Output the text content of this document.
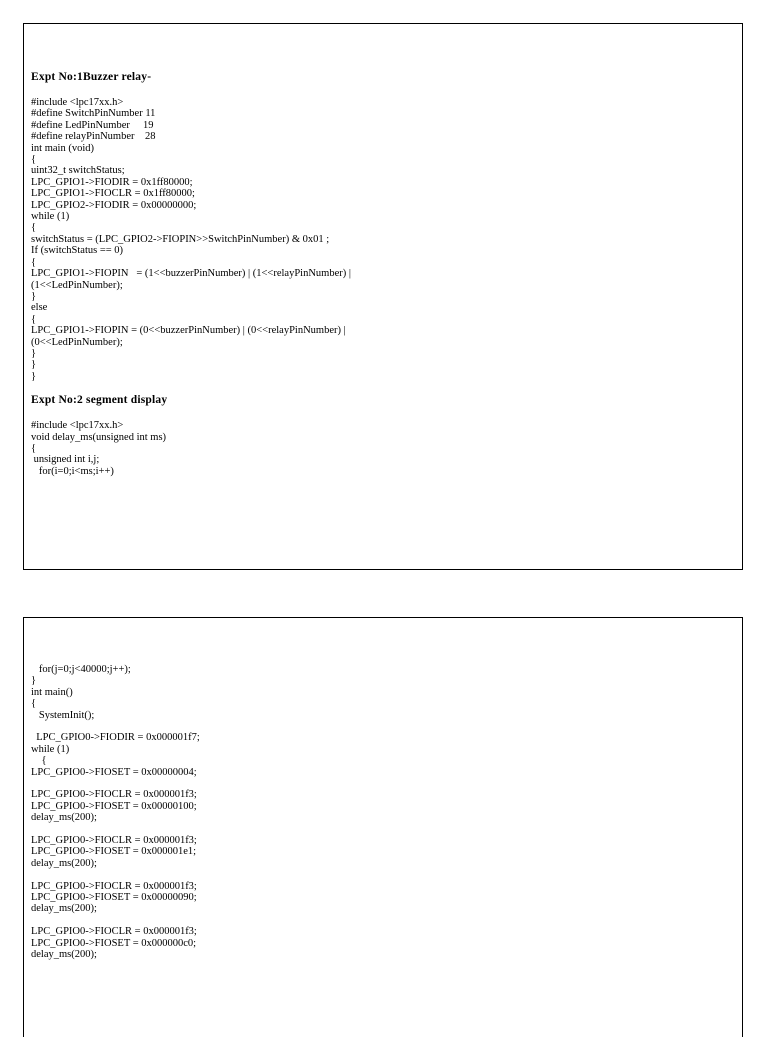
Expt No:1Buzzer relay-
#include <lpc17xx.h>
#define SwitchPinNumber 11
#define LedPinNumber     19
#define relayPinNumber    28
int main (void)
{
uint32_t switchStatus;
LPC_GPIO1->FIODIR = 0x1ff80000;
LPC_GPIO1->FIOCLR = 0x1ff80000;
LPC_GPIO2->FIODIR = 0x00000000;
while (1)
{
switchStatus = (LPC_GPIO2->FIOPIN>>SwitchPinNumber) & 0x01 ;
If (switchStatus == 0)
{
LPC_GPIO1->FIOPIN   = (1<<buzzerPinNumber) | (1<<relayPinNumber) |
(1<<LedPinNumber);
}
else
{
LPC_GPIO1->FIOPIN = (0<<buzzerPinNumber) | (0<<relayPinNumber) |
(0<<LedPinNumber);
}
}
}
Expt No:2 segment display
#include <lpc17xx.h>
void delay_ms(unsigned int ms)
{
unsigned int i,j;
for(i=0;i<ms;i++)
for(j=0;j<40000;j++);
}
int main()
{
SystemInit();
LPC_GPIO0->FIODIR = 0x000001f7;
while (1)
{
LPC_GPIO0->FIOSET = 0x00000004;
LPC_GPIO0->FIOCLR = 0x000001f3;
LPC_GPIO0->FIOSET = 0x00000100;
delay_ms(200);
LPC_GPIO0->FIOCLR = 0x000001f3;
LPC_GPIO0->FIOSET = 0x000001e1;
delay_ms(200);
LPC_GPIO0->FIOCLR = 0x000001f3;
LPC_GPIO0->FIOSET = 0x00000090;
delay_ms(200);
LPC_GPIO0->FIOCLR = 0x000001f3;
LPC_GPIO0->FIOSET = 0x000000c0;
delay_ms(200);
